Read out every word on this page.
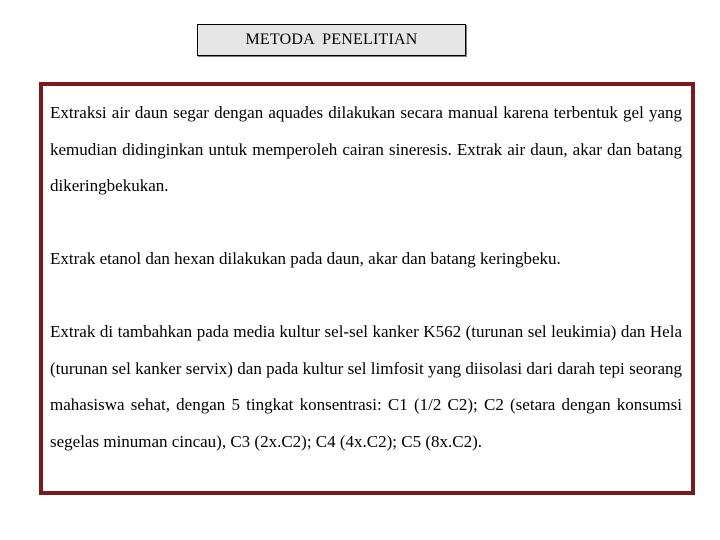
METODA PENELITIAN

Extraksi air daun segar dengan aquades dilakukan secara manual karena terbentuk gel yang kemudian didinginkan untuk memperoleh cairan sineresis. Extrak air daun, akar dan batang dikeringbekukan.

Extrak etanol dan hexan dilakukan pada daun, akar dan batang keringbeku.

Extrak di tambahkan pada media kultur sel-sel kanker K562 (turunan sel leukimia) dan Hela (turunan sel kanker servix) dan pada kultur sel limfosit yang diisolasi dari darah tepi seorang mahasiswa sehat, dengan 5 tingkat konsentrasi: C1 (1/2 C2); C2 (setara dengan konsumsi segelas minuman cincau), C3 (2x.C2); C4 (4x.C2); C5 (8x.C2).
